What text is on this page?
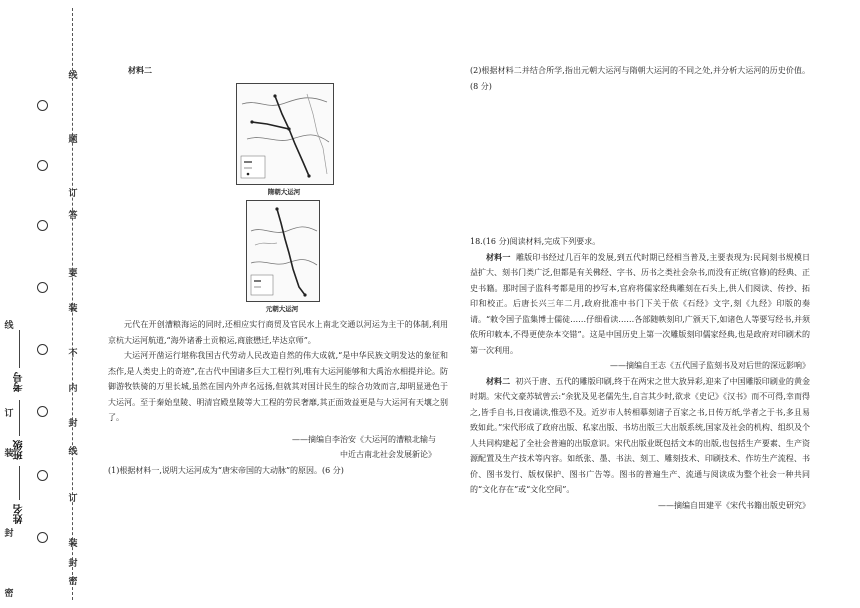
线
订
装
封
密
题
答
要
不
内
线
订
装
封
密
线
订
装
封
考号
班级
姓名

材料二

隋朝大运河
元朝大运河

元代在开创漕粮海运的同时,还相应实行商贸及官民水上南北交通以河运为主干的体制,利用京杭大运河航道,“海外诸番土贡粮运,商旅懋迁,毕达京师”。

大运河开凿运行堪称我国古代劳动人民改造自然的伟大成就,“是中华民族文明发达的象征和杰作,是人类史上的奇迹”,在古代中国诸多巨大工程行列,唯有大运河能够和大禹治水相提并论。防御游牧铁骑的万里长城,虽然在国内外声名远扬,但就其对国计民生的综合功效而言,却明显逊色于大运河。至于秦始皇陵、明清宫殿皇陵等大工程的劳民奢靡,其正面效益更是与大运河有天壤之别了。

——摘编自李治安《大运河的漕粮北输与

中近古南北社会发展新论》

(1)根据材料一,说明大运河成为“唐宋帝国的大动脉”的原因。(6 分)

(2)根据材料二并结合所学,指出元朝大运河与隋朝大运河的不同之处,并分析大运河的历史价值。(8 分)

18.(16 分)阅读材料,完成下列要求。

材料一 雕版印书经过几百年的发展,到五代时期已经相当普及,主要表现为:民间刻书规模日益扩大、刻书门类广泛,但都是有关佛经、字书、历书之类社会杂书,而没有正统(官修)的经典、正史书籍。那时国子监科考都是用的抄写本,官府将儒家经典雕刻在石头上,供人们阅读、传抄、拓印和校正。后唐长兴三年二月,政府批准中书门下关于依《石经》文字,刻《九经》印版的奏请。“敕令国子监集博士儒徒……仔细看读……各部随帙刻印,广颁天下,如诸色人等要写经书,并须依所印敕本,不得更使杂本交错”。这是中国历史上第一次雕版刻印儒家经典,也是政府对印刷术的第一次利用。

——摘编自王志《五代国子监刻书及对后世的深远影响》

材料二 初兴于唐、五代的雕版印刷,终于在两宋之世大放异彩,迎来了中国雕版印刷业的黄金时期。宋代文豪苏轼曾云:“余犹及见老儒先生,自言其少时,欲求《史记》《汉书》而不可得,幸而得之,皆手自书,日夜诵读,惟恐不及。近岁市人转相摹刻诸子百家之书,日传万纸,学者之于书,多且易致如此。”宋代形成了政府出版、私家出版、书坊出版三大出版系统,国家及社会的机构、组织及个人共同构建起了全社会普遍的出版意识。宋代出版业既包括文本的出版,也包括生产要素、生产资源配置及生产技术等内容。如纸张、墨、书法、刻工、雕刻技术、印刷技术、作坊生产流程、书价、图书发行、版权保护、图书广告等。图书的普遍生产、流通与阅读成为整个社会一种共同的“文化存在”或“文化空间”。

——摘编自田建平《宋代书籍出版史研究》
